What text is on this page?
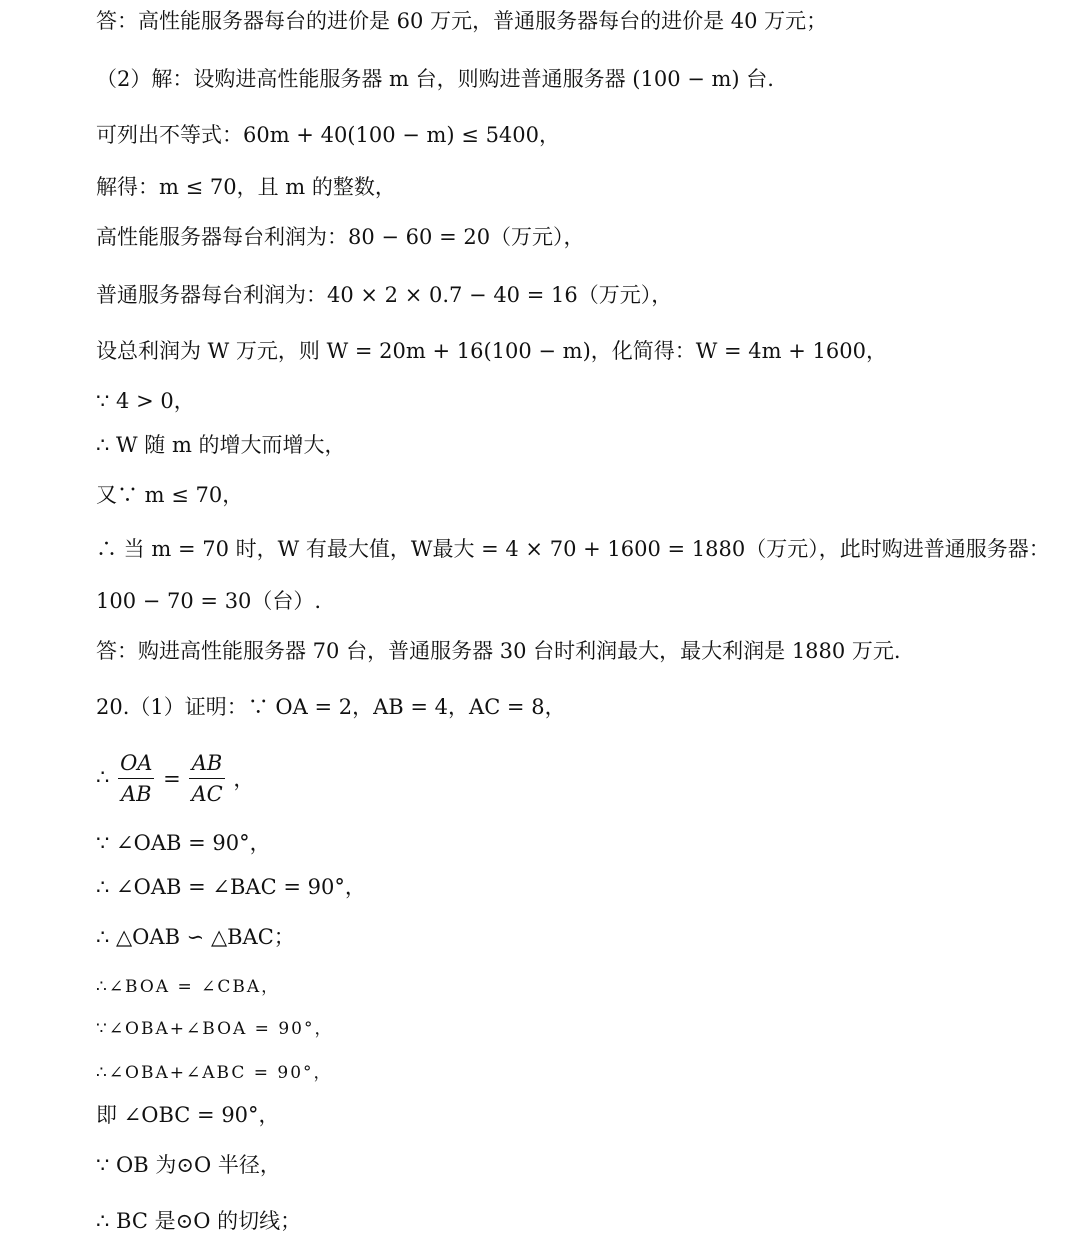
答：高性能服务器每台的进价是 60 万元，普通服务器每台的进价是 40 万元；
（2）解：设购进高性能服务器 m 台，则购进普通服务器 (100 − m) 台.
可列出不等式：60m + 40(100 − m) ≤ 5400，
解得：m ≤ 70，且 m 的整数，
高性能服务器每台利润为：80 − 60 = 20（万元），
普通服务器每台利润为：40 × 2 × 0.7 − 40 = 16（万元），
设总利润为 W 万元，则 W = 20m + 16(100 − m)，化简得：W = 4m + 1600，
∵ 4 > 0，
∴ W 随 m 的增大而增大，
又∵ m ≤ 70，
∴ 当 m = 70 时，W 有最大值，W最大 = 4 × 70 + 1600 = 1880（万元），此时购进普通服务器：
100 − 70 = 30（台）.
答：购进高性能服务器 70 台，普通服务器 30 台时利润最大，最大利润是 1880 万元.
20.（1）证明：∵ OA = 2，AB = 4，AC = 8，
∴ $\frac{OA}{AB} = \frac{AB}{AC}$ ，
∵ ∠OAB = 90°，
∴ ∠OAB = ∠BAC = 90°，
∴ △OAB ∽ △BAC；
∴∠BOA = ∠CBA，
∵∠OBA+∠BOA = 90°，
∴∠OBA+∠ABC = 90°，
即 ∠OBC = 90°，
∵ OB 为⊙O 半径，
∴ BC 是⊙O 的切线；
